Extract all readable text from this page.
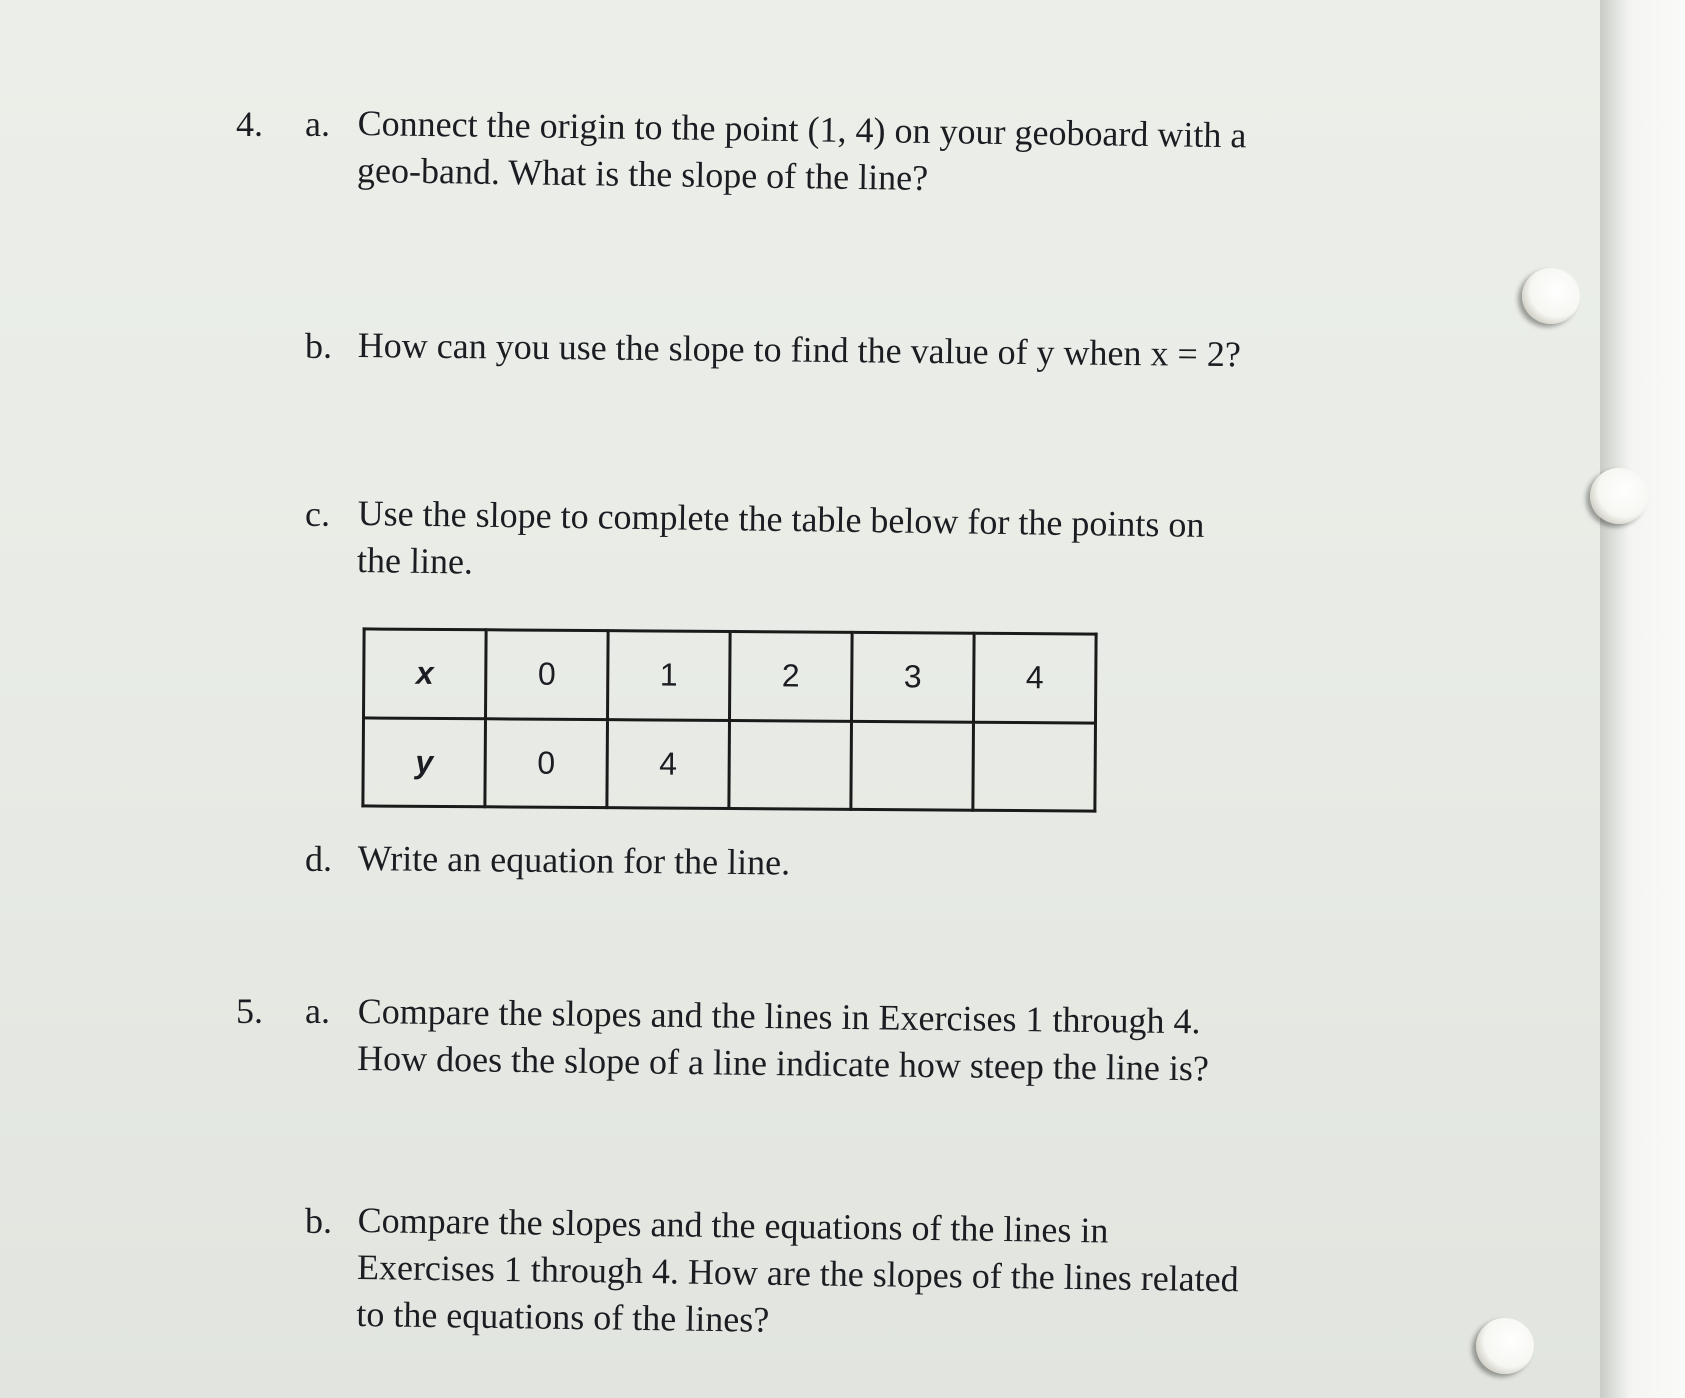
4. a. Connect the origin to the point (1, 4) on your geoboard with a
geo-band. What is the slope of the line?
b. How can you use the slope to find the value of y when x = 2?
c. Use the slope to complete the table below for the points on
the line.
x	0	1	2	3	4
y	0	4			
d. Write an equation for the line.
5. a. Compare the slopes and the lines in Exercises 1 through 4.
How does the slope of a line indicate how steep the line is?
b. Compare the slopes and the equations of the lines in
Exercises 1 through 4. How are the slopes of the lines related
to the equations of the lines?
